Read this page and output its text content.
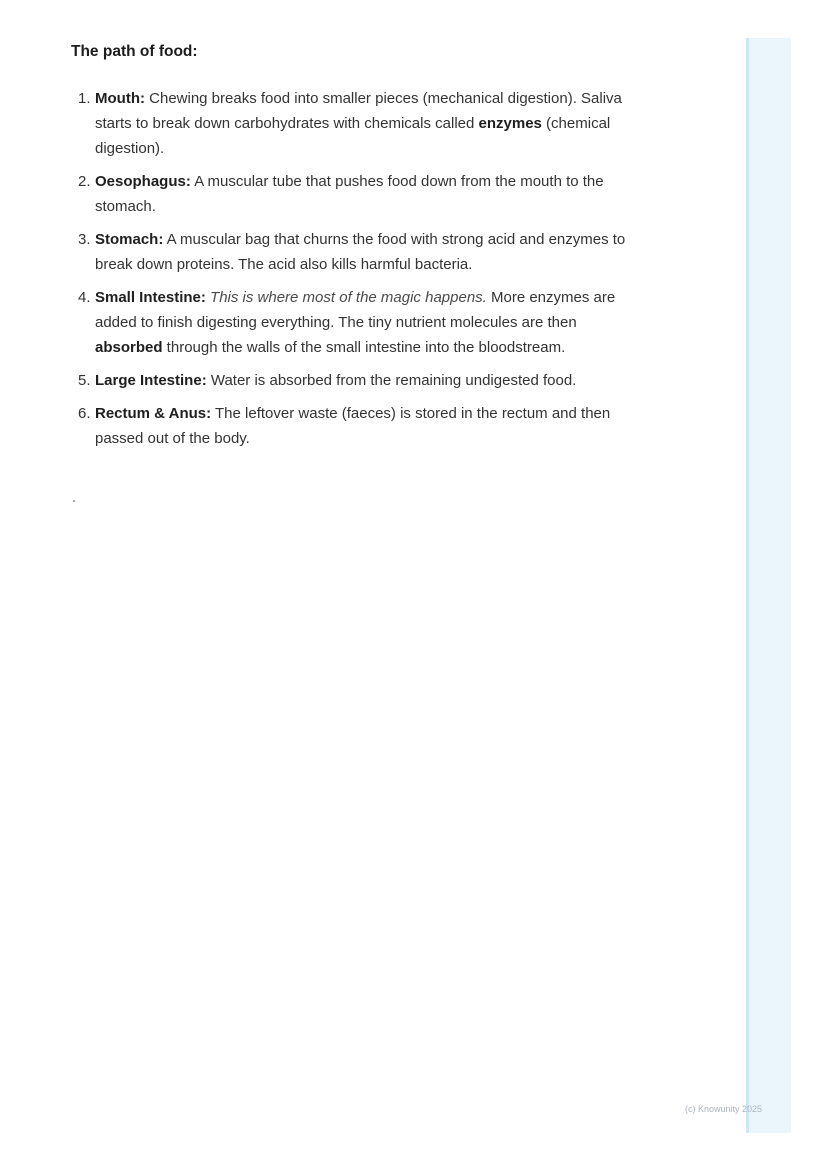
The path of food:
1. Mouth: Chewing breaks food into smaller pieces (mechanical digestion). Saliva starts to break down carbohydrates with chemicals called enzymes (chemical digestion).
2. Oesophagus: A muscular tube that pushes food down from the mouth to the stomach.
3. Stomach: A muscular bag that churns the food with strong acid and enzymes to break down proteins. The acid also kills harmful bacteria.
4. Small Intestine: This is where most of the magic happens. More enzymes are added to finish digesting everything. The tiny nutrient molecules are then absorbed through the walls of the small intestine into the bloodstream.
5. Large Intestine: Water is absorbed from the remaining undigested food.
6. Rectum & Anus: The leftover waste (faeces) is stored in the rectum and then passed out of the body.
(c) Knowunity 2025
